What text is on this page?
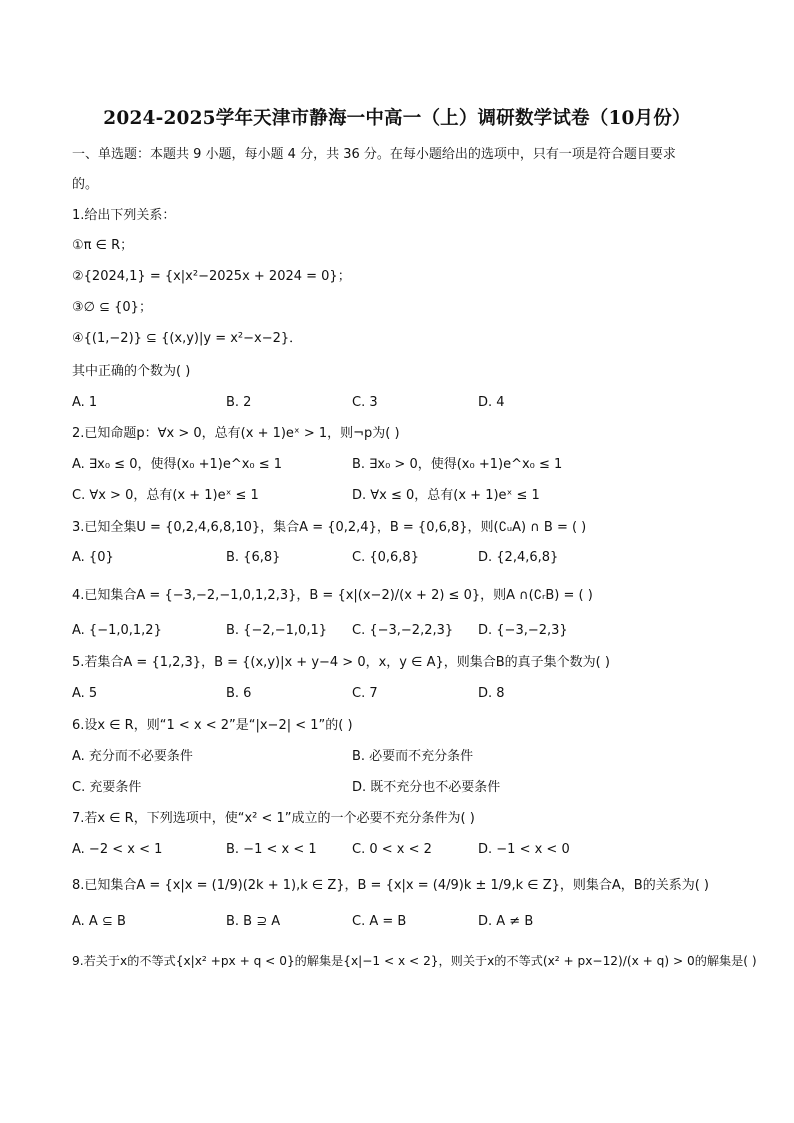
2024-2025学年天津市静海一中高一（上）调研数学试卷（10月份）
一、单选题：本题共 9 小题，每小题 4 分，共 36 分。在每小题给出的选项中，只有一项是符合题目要求
的。
1.给出下列关系：
①π ∈ R；
②{2024,1} = {x|x²−2025x + 2024 = 0}；
③∅ ⊆ {0}；
④{(1,−2)} ⊆ {(x,y)|y = x²−x−2}．
其中正确的个数为( )
A. 1	B. 2	C. 3	D. 4
2.已知命题p：∀x > 0，总有(x + 1)eˣ > 1，则¬p为( )
A. ∃x₀ ≤ 0，使得(x₀ +1)e^x₀ ≤ 1	B. ∃x₀ > 0，使得(x₀ +1)e^x₀ ≤ 1
C. ∀x > 0，总有(x + 1)eˣ ≤ 1	D. ∀x ≤ 0，总有(x + 1)eˣ ≤ 1
3.已知全集U = {0,2,4,6,8,10}，集合A = {0,2,4}，B = {0,6,8}，则(∁ᵤA) ∩ B = ( )
A. {0}	B. {6,8}	C. {0,6,8}	D. {2,4,6,8}
4.已知集合A = {−3,−2,−1,0,1,2,3}，B = {x|(x−2)/(x + 2) ≤ 0}，则A ∩(∁ᵣB) = ( )
A. {−1,0,1,2}	B. {−2,−1,0,1} C. {−3,−2,2,3} D. {−3,−2,3}
5.若集合A = {1,2,3}，B = {(x,y)|x + y−4 > 0，x，y ∈ A}，则集合B的真子集个数为( )
A. 5	B. 6	C. 7	D. 8
6.设x ∈ R，则“1 < x < 2”是“|x−2| < 1”的( )
A. 充分而不必要条件	B. 必要而不充分条件
C. 充要条件	D. 既不充分也不必要条件
7.若x ∈ R，下列选项中，使“x² < 1”成立的一个必要不充分条件为( )
A. −2 < x < 1	B. −1 < x < 1	C. 0 < x < 2	D. −1 < x < 0
8.已知集合A = {x|x = (1/9)(2k + 1),k ∈ Z}，B = {x|x = (4/9)k ± 1/9,k ∈ Z}，则集合A，B的关系为( )
A. A ⊆ B	B. B ⊇ A	C. A = B	D. A ≠ B
9.若关于x的不等式{x|x² +px + q < 0}的解集是{x|−1 < x < 2}，则关于x的不等式(x² + px−12)/(x + q) > 0的解集是( )
